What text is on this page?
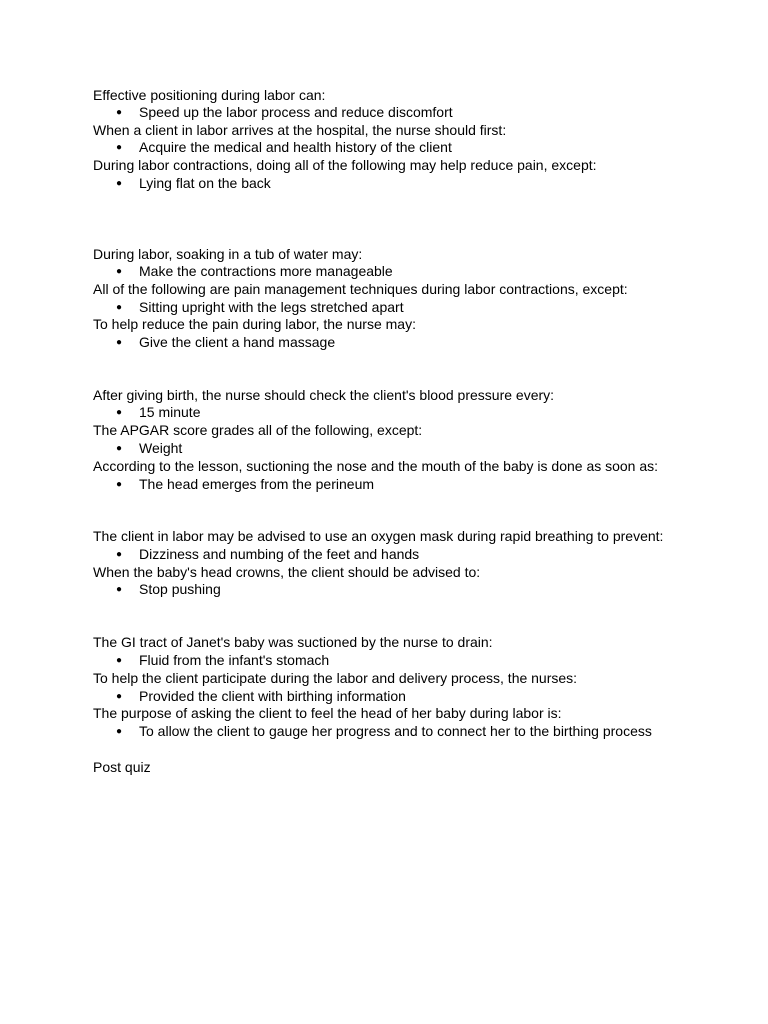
Effective positioning during labor can:
● Speed up the labor process and reduce discomfort
When a client in labor arrives at the hospital, the nurse should first:
● Acquire the medical and health history of the client
During labor contractions, doing all of the following may help reduce pain, except:
● Lying flat on the back
During labor, soaking in a tub of water may:
● Make the contractions more manageable
All of the following are pain management techniques during labor contractions, except:
● Sitting upright with the legs stretched apart
To help reduce the pain during labor, the nurse may:
● Give the client a hand massage
After giving birth, the nurse should check the client's blood pressure every:
● 15 minute
The APGAR score grades all of the following, except:
● Weight
According to the lesson, suctioning the nose and the mouth of the baby is done as soon as:
● The head emerges from the perineum
The client in labor may be advised to use an oxygen mask during rapid breathing to prevent:
● Dizziness and numbing of the feet and hands
When the baby's head crowns, the client should be advised to:
● Stop pushing
The GI tract of Janet's baby was suctioned by the nurse to drain:
● Fluid from the infant's stomach
To help the client participate during the labor and delivery process, the nurses:
● Provided the client with birthing information
The purpose of asking the client to feel the head of her baby during labor is:
● To allow the client to gauge her progress and to connect her to the birthing process
Post quiz
